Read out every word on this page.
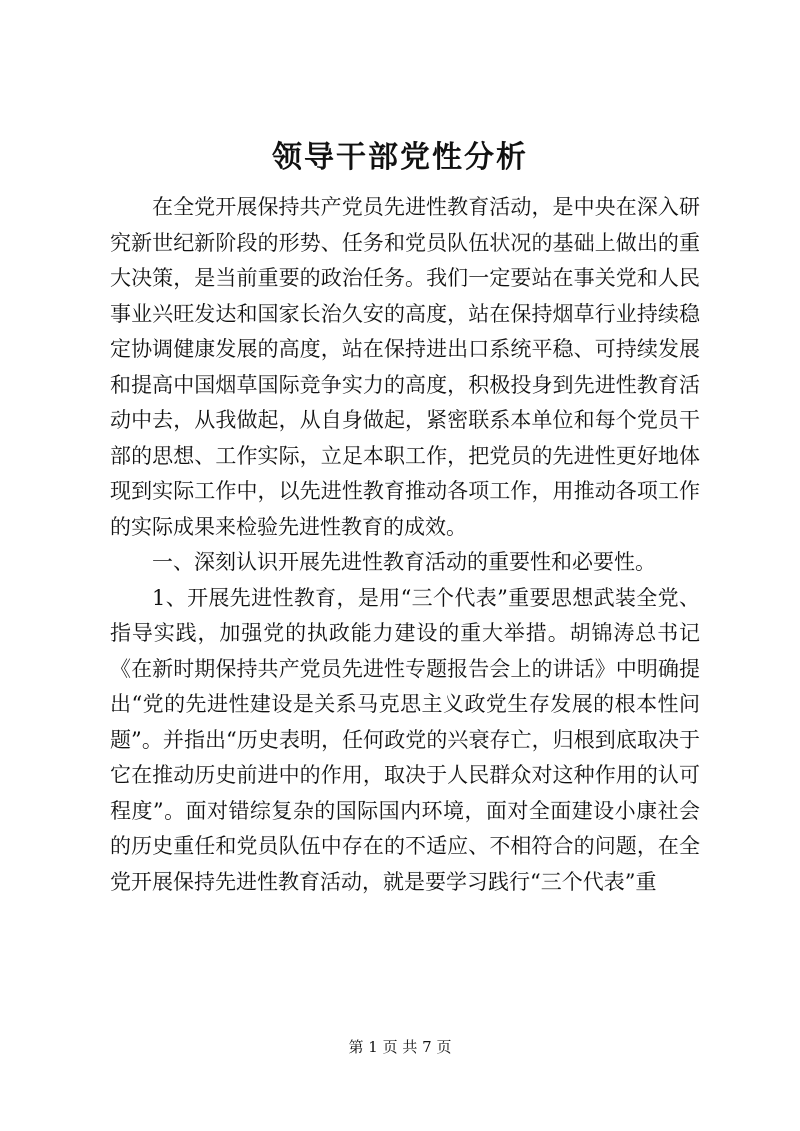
领导干部党性分析

在全党开展保持共产党员先进性教育活动，是中央在深入研究新世纪新阶段的形势、任务和党员队伍状况的基础上做出的重大决策，是当前重要的政治任务。我们一定要站在事关党和人民事业兴旺发达和国家长治久安的高度，站在保持烟草行业持续稳定协调健康发展的高度，站在保持进出口系统平稳、可持续发展和提高中国烟草国际竞争实力的高度，积极投身到先进性教育活动中去，从我做起，从自身做起，紧密联系本单位和每个党员干部的思想、工作实际，立足本职工作，把党员的先进性更好地体现到实际工作中，以先进性教育推动各项工作，用推动各项工作的实际成果来检验先进性教育的成效。

一、深刻认识开展先进性教育活动的重要性和必要性。

1、开展先进性教育，是用“三个代表”重要思想武装全党、指导实践，加强党的执政能力建设的重大举措。胡锦涛总书记《在新时期保持共产党员先进性专题报告会上的讲话》中明确提出“党的先进性建设是关系马克思主义政党生存发展的根本性问题”。并指出“历史表明，任何政党的兴衰存亡，归根到底取决于它在推动历史前进中的作用，取决于人民群众对这种作用的认可程度”。面对错综复杂的国际国内环境，面对全面建设小康社会的历史重任和党员队伍中存在的不适应、不相符合的问题，在全党开展保持先进性教育活动，就是要学习践行“三个代表”重

第 1 页 共 7 页
